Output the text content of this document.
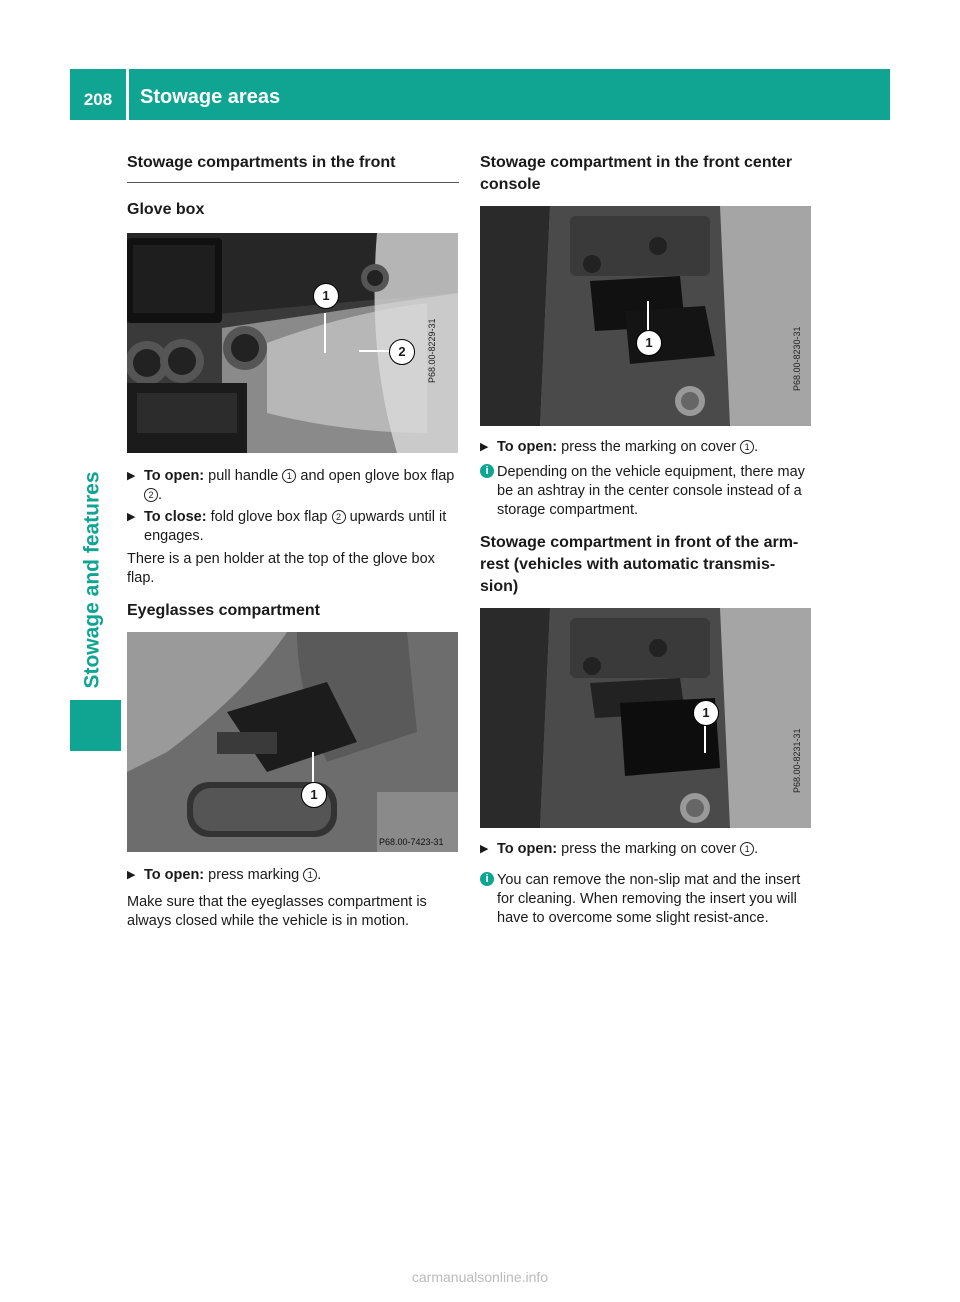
208	Stowage areas
Stowage and features
Stowage compartments in the front
Glove box
1
2	P68.00-8229-31
▶ To open: pull handle 1 and open glove box flap 2 .
▶ To close: fold glove box flap 2 upwards until it engages.

There is a pen holder at the top of the glove box flap.

Eyeglasses compartment
1
P68.00-7423-31
▶ To open: press marking 1 .

Make sure that the eyeglasses compartment is always closed while the vehicle is in motion.

Stowage compartment in the front center console
1	P68.00-8230-31
▶ To open: press the marking on cover 1 .
i Depending on the vehicle equipment, there may be an ashtray in the center console instead of a storage compartment.
Stowage compartment in front of the arm-rest (vehicles with automatic transmis-sion)
1
P68.00-8231-31
▶ To open: press the marking on cover 1 .
i You can remove the non-slip mat and the insert for cleaning. When removing the insert you will have to overcome some slight resist-ance.
carmanualsonline.info
